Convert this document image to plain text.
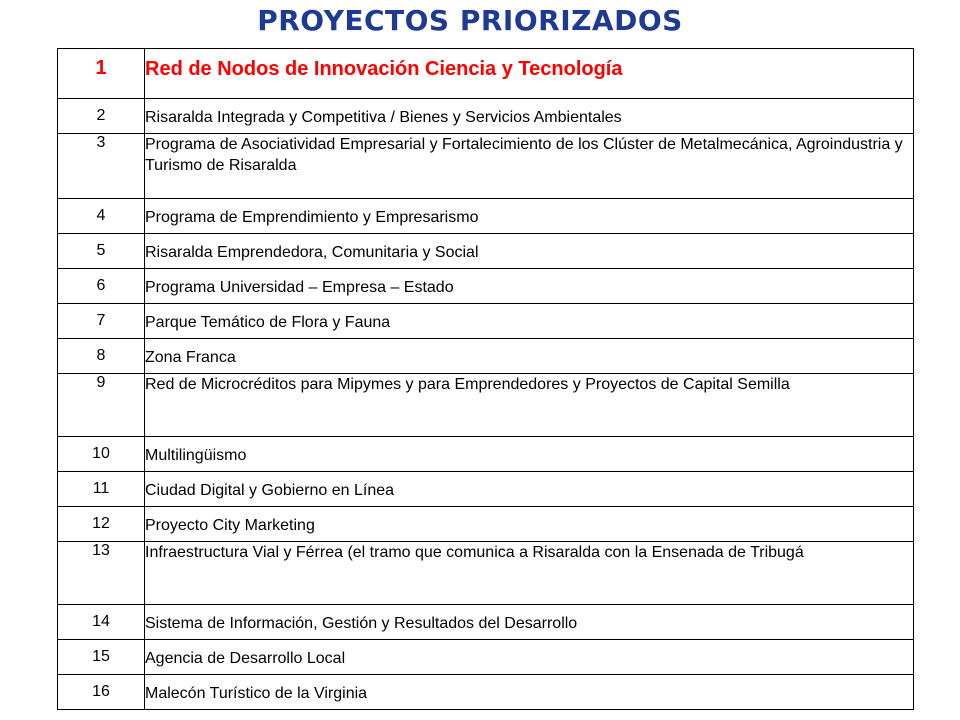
PROYECTOS PRIORIZADOS
1	Red de Nodos de Innovación Ciencia y Tecnología
2	Risaralda Integrada y Competitiva / Bienes y Servicios Ambientales
3	Programa de Asociatividad Empresarial y Fortalecimiento de los Clúster de Metalmecánica, Agroindustria y Turismo de Risaralda
4	Programa de Emprendimiento y Empresarismo
5	Risaralda Emprendedora, Comunitaria y Social
6	Programa Universidad – Empresa – Estado
7	Parque Temático de Flora y Fauna
8	Zona Franca
9	Red de Microcréditos para Mipymes y para Emprendedores y Proyectos de Capital Semilla
10	Multilingüismo
11	Ciudad Digital y Gobierno en Línea
12	Proyecto City Marketing
13	Infraestructura Vial y Férrea (el tramo que comunica a Risaralda con la Ensenada de Tribugá
14	Sistema de Información, Gestión y Resultados del Desarrollo
15	Agencia de Desarrollo Local
16	Malecón Turístico de la Virginia
